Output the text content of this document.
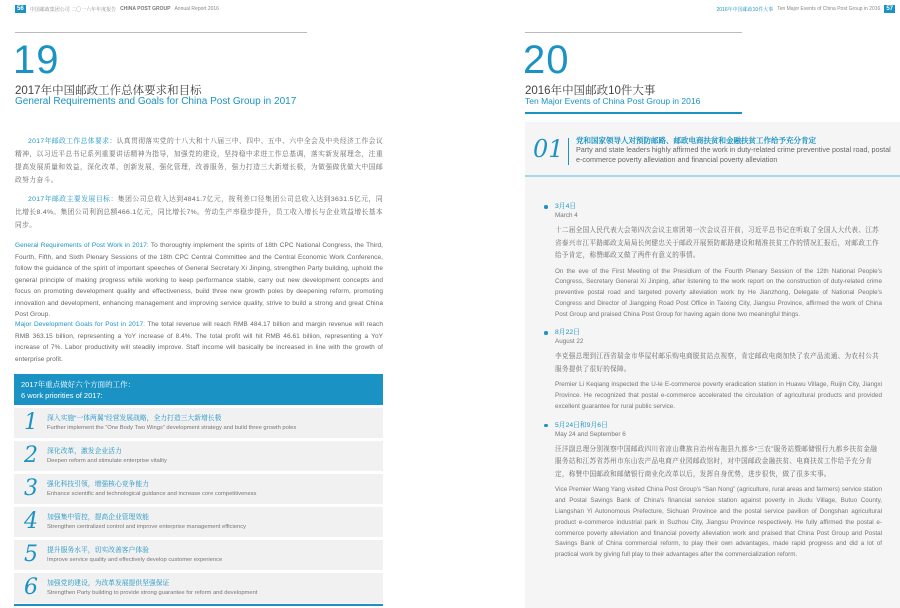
56	中国邮政集团公司 二〇一六年年度报告 CHINA POST GROUP Annual Report 2016
19
2017年中国邮政工作总体要求和目标
General Requirements and Goals for China Post Group in 2017
2017年邮政工作总体要求：认真贯彻落实党的十八大和十八届三中、四中、五中、六中全会及中央经济工作会议精神，以习近平总书记系列重要讲话精神为指导，加强党的建设，坚持稳中求进工作总基调，落实新发展理念，注重提高发展质量和效益，深化改革，创新发展，强化管理，改善服务，强力打造三大新增长极，为做强做优做大中国邮政努力奋斗。
2017年邮政主要发展目标：集团公司总收入达到4841.7亿元，按利差口径集团公司总收入达到3631.5亿元，同比增长8.4%。集团公司利润总额466.1亿元，同比增长7%。劳动生产率稳步提升，员工收入增长与企业效益增长基本同步。
General Requirements of Post Work in 2017: To thoroughly implement the spirits of 18th CPC National Congress, the Third, Fourth, Fifth, and Sixth Plenary Sessions of the 18th CPC Central Committee and the Central Economic Work Conference, follow the guidance of the spirit of important speeches of General Secretary Xi Jinping, strengthen Party building, uphold the general principle of making progress while working to keep performance stable, carry out new development concepts and focus on promoting development quality and effectiveness, build three new growth poles by deepening reform, promoting innovation and development, enhancing management and improving service quality, strive to build a strong and great China Post Group.
Major Development Goals for Post in 2017: The total revenue will reach RMB 484.17 billion and margin revenue will reach RMB 363.15 billion, representing a YoY increase of 8.4%. The total profit will hit RMB 46.61 billion, representing a YoY increase of 7%. Labor productivity will steadily improve. Staff income will basically be increased in line with the growth of enterprise profit.
2017年重点做好六个方面的工作：
6 work priorities of 2017:
1	深入实施“一体两翼”经营发展战略，全力打造三大新增长极
Further implement the “One Body Two Wings” development strategy and build three growth poles
2	深化改革，激发企业活力
Deepen reform and stimulate enterprise vitality
3	强化科技引领，增强核心竞争能力
Enhance scientific and technological guidance and increase core competitiveness
4	加强集中管控，提高企业管理效能
Strengthen centralized control and improve enterprise management efficiency
5	提升服务水平，切实改善客户体验
Improve service quality and effectively develop customer experience
6	加强党的建设，为改革发展提供坚强保证
Strengthen Party building to provide strong guarantee for reform and development
2016年中国邮政10件大事 Ten Major Events of China Post Group in 2016	57
20
2016年中国邮政10件大事
Ten Major Events of China Post Group in 2016
01 党和国家领导人对预防邮路、邮政电商扶贫和金融扶贫工作给予充分肯定
Party and state leaders highly affirmed the work in duty-related crime preventive postal road, postal e-commerce poverty alleviation and financial poverty alleviation
3月4日
March 4
十二届全国人民代表大会第四次会议主席团第一次会议召开前，习近平总书记在听取了全国人大代表、江苏省泰兴市江平路邮政支局局长何健忠关于邮政开展预防邮路建设和精准扶贫工作的情况汇报后，对邮政工作给予肯定，称赞邮政又做了两件有意义的事情。
On the eve of the First Meeting of the Presidium of the Fourth Plenary Session of the 12th National People's Congress, Secretary General Xi Jinping, after listening to the work report on the construction of duty-related crime preventive postal road and targeted poverty alleviation work by He Jianzhong, Delegate of National People's Congress and Director of Jiangping Road Post Office in Taixing City, Jiangsu Province, affirmed the work of China Post Group and praised China Post Group for having again done two meaningful things.
8月22日
August 22
李克强总理到江西省瑞金市华屋村邮乐购电商脱贫站点视察，肯定邮政电商加快了农产品流通、为农村公共服务提供了很好的保障。
Premier Li Keqiang inspected the U-le E-commerce poverty eradication station in Huawu Village, Ruijin City, Jiangxi Province. He recognized that postal e-commerce accelerated the circulation of agricultural products and provided excellent guarantee for rural public service.
5月24日和9月6日
May 24 and September 6
汪洋副总理分别视察中国邮政四川省凉山彝族自治州布拖县九都乡“三农”服务站暨邮储银行九都乡扶贫金融服务站和江苏省苏州市东山农产品电商产业园邮政馆时，对中国邮政金融扶贫、电商扶贫工作给予充分肯定，称赞中国邮政和邮储银行商业化改革以后，发挥自身优势，进步很快，做了很多实事。
Vice Premier Wang Yang visited China Post Group's “San Nong” (agriculture, rural areas and farmers) service station and Postal Savings Bank of China's financial service station against poverty in Jiudu Village, Butuo County, Liangshan Yi Autonomous Prefecture, Sichuan Province and the postal service pavilion of Dongshan agricultural product e-commerce industrial park in Suzhou City, Jiangsu Province respectively. He fully affirmed the postal e-commerce poverty alleviation and financial poverty alleviation work and praised that China Post Group and Postal Savings Bank of China commercial reform, to play their own advantages, made rapid progress and did a lot of practical work by giving full play to their advantages after the commercialization reform.
